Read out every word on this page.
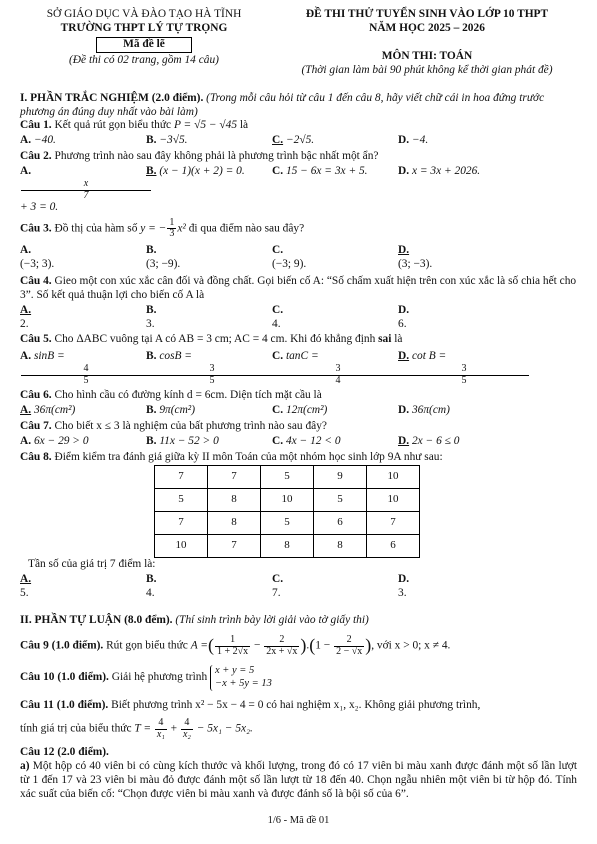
SỞ GIÁO DỤC VÀ ĐÀO TẠO HÀ TĨNH
TRƯỜNG THPT LÝ TỰ TRỌNG
Mã đề lẽ
(Đề thi có 02 trang, gồm 14 câu)
ĐỀ THI THỬ TUYỂN SINH VÀO LỚP 10 THPT
NĂM HỌC 2025 – 2026
MÔN THI: TOÁN
(Thời gian làm bài 90 phút không kể thời gian phát đề)

I. PHẦN TRẮC NGHIỆM (2.0 điểm). (Trong mỗi câu hỏi từ câu 1 đến câu 8, hãy viết chữ cái in hoa đứng trước phương án đúng duy nhất vào bài làm)

Câu 1. Kết quả rút gọn biểu thức P = √5 − √45 là

A. −40.	B. −3√5.	C. −2√5.	D. −4.

Câu 2. Phương trình nào sau đây không phải là phương trình bậc nhất một ẩn?

A. $\frac{x}{7} + 3 = 0$.
B. (x − 1)(x + 2) = 0.	C. 15 − 6x = 3x + 5.	D. x = 3x + 2026.

Câu 3. Đồ thị của hàm số y = − $\frac{1}{3} x^2$ đi qua điểm nào sau đây?

A. (−3; 3).
B. (3; −9).
C. (−3; 9).
D. (3; −3).

Câu 4. Gieo một con xúc xắc cân đối và đồng chất. Gọi biến cố A: “Số chấm xuất hiện trên con xúc xắc là số chia hết cho 3”. Số kết quả thuận lợi cho biến cố A là

A. 2.
B. 3.
C. 4.
D. 6.

Câu 5. Cho ΔABC vuông tại A có AB = 3 cm; AC = 4 cm. Khi đó khẳng định sai là

A. $\sin B = \frac{4}{5}$
B. $\cos B = \frac{3}{5}$
C. $\tan C = \frac{3}{4}$
D. $\cot B = \frac{3}{5}$

Câu 6. Cho hình cầu có đường kính d = 6cm. Diện tích mặt cầu là

A. 36π(cm²)	B. 9π(cm²)	C. 12π(cm²)	D. 36π(cm)

Câu 7. Cho biết x ≤ 3 là nghiệm của bất phương trình nào sau đây?

A. 6x − 29 > 0	B. 11x − 52 > 0	C. 4x − 12 < 0	D. 2x − 6 ≤ 0

Câu 8. Điểm kiểm tra đánh giá giữa kỳ II môn Toán của một nhóm học sinh lớp 9A như sau:

7	7	5	9	10
5	8	10	5	10
7	8	5	6	7
10	7	8	8	6

Tần số của giá trị 7 điểm là:

A. 5.
B. 4.
C. 7.
D. 3.

II. PHẦN TỰ LUẬN (8.0 đểm). (Thí sinh trình bày lời giải vào tờ giấy thi)

Câu 9 (1.0 điểm). Rút gọn biểu thức A =( $\frac{1}{1 + 2√x} - \frac{2}{2x + √x} ).(1 - \frac{2}{2 - √x}$ ), với x > 0; x ≠ 4.

Câu 10 (1.0 điểm). Giải hệ phương trình
x + y = 5
−x + 5y = 13

Câu 11 (1.0 điểm). Biết phương trình x² − 5x − 4 = 0 có hai nghiệm x₁, x₂. Không giải phương trình,

tính giá trị của biểu thức $T = \frac{4}{\text{x₁}} + \frac{4}{\text{x₂}} - 5x_1 - 5x_2$.

Câu 12 (2.0 điểm).

a) Một hộp có 40 viên bi có cùng kích thước và khối lượng, trong đó có 17 viên bi màu xanh được đánh một số lần lượt từ 1 đến 17 và 23 viên bi màu đỏ được đánh một số lần lượt từ 18 đến 40. Chọn ngẫu nhiên một viên bi từ hộp đó. Tính xác suất của biến cố: “Chọn được viên bi màu xanh và được đánh số là bội số của 6”.

1/6 - Mã đề 01
